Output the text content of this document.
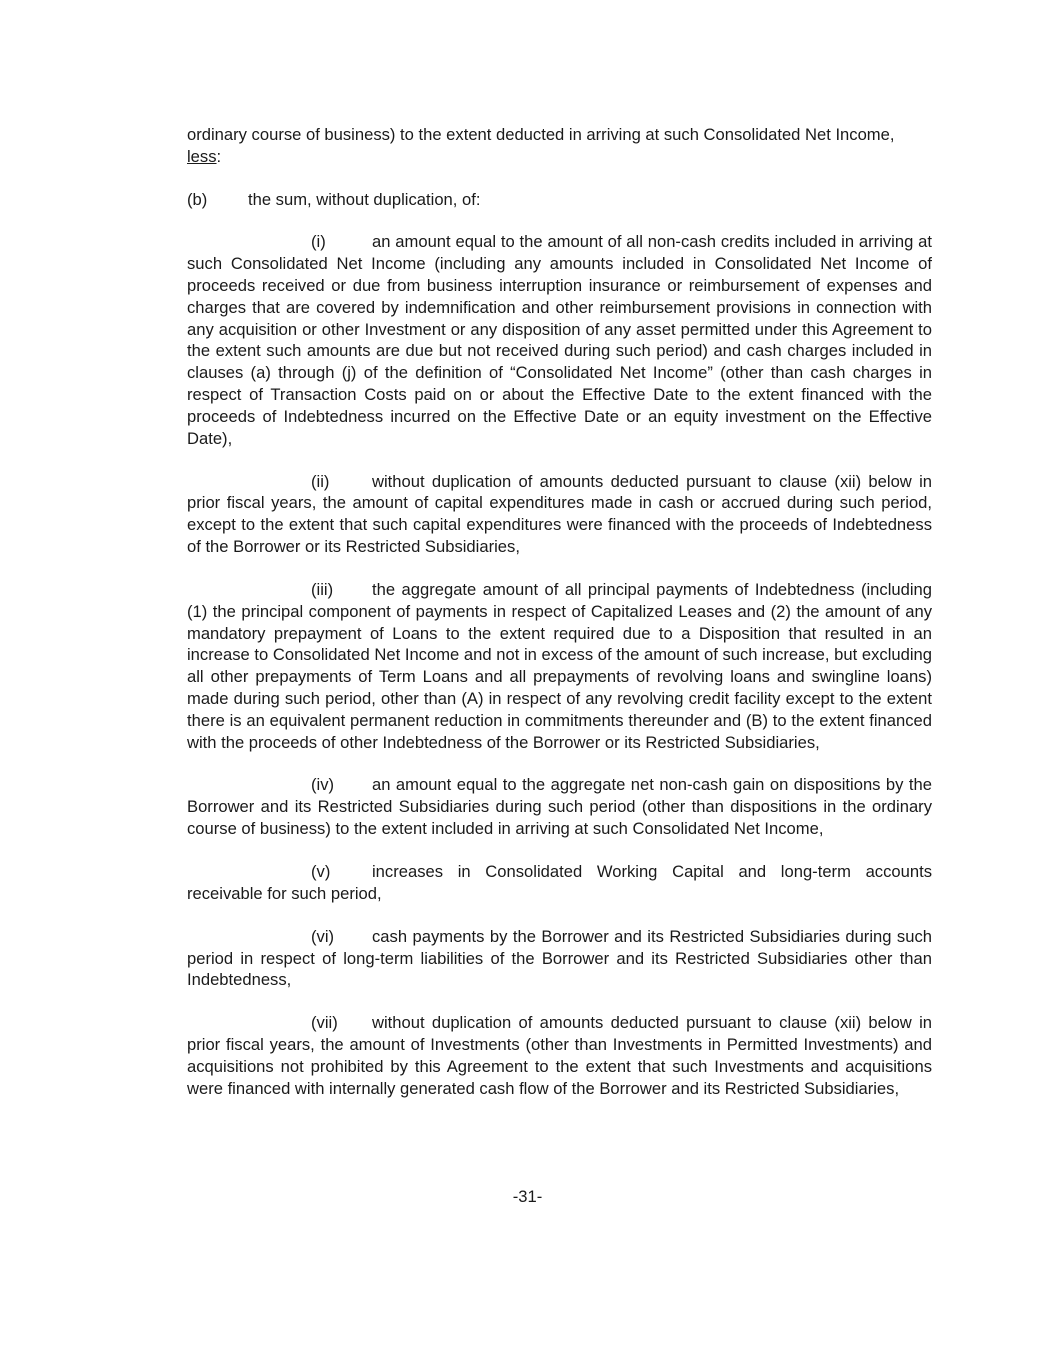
ordinary course of business) to the extent deducted in arriving at such Consolidated Net Income,
less:

(b)	the sum, without duplication, of:

(i)	an amount equal to the amount of all non-cash credits included in arriving at such Consolidated Net Income (including any amounts included in Consolidated Net Income of proceeds received or due from business interruption insurance or reimbursement of expenses and charges that are covered by indemnification and other reimbursement provisions in connection with any acquisition or other Investment or any disposition of any asset permitted under this Agreement to the extent such amounts are due but not received during such period) and cash charges included in clauses (a) through (j) of the definition of “Consolidated Net Income” (other than cash charges in respect of Transaction Costs paid on or about the Effective Date to the extent financed with the proceeds of Indebtedness incurred on the Effective Date or an equity investment on the Effective Date),

(ii)	without duplication of amounts deducted pursuant to clause (xii) below in prior fiscal years, the amount of capital expenditures made in cash or accrued during such period, except to the extent that such capital expenditures were financed with the proceeds of Indebtedness of the Borrower or its Restricted Subsidiaries,

(iii) the aggregate amount of all principal payments of Indebtedness (including (1) the principal component of payments in respect of Capitalized Leases and (2) the amount of any mandatory prepayment of Loans to the extent required due to a Disposition that resulted in an increase to Consolidated Net Income and not in excess of the amount of such increase, but excluding all other prepayments of Term Loans and all prepayments of revolving loans and swingline loans) made during such period, other than (A) in respect of any revolving credit facility except to the extent there is an equivalent permanent reduction in commitments thereunder and (B) to the extent financed with the proceeds of other Indebtedness of the Borrower or its Restricted Subsidiaries,

(iv) an amount equal to the aggregate net non-cash gain on dispositions by the Borrower and its Restricted Subsidiaries during such period (other than dispositions in the ordinary course of business) to the extent included in arriving at such Consolidated Net Income,

(v)	increases in Consolidated Working Capital and long-term accounts receivable for such period,

(vi) cash payments by the Borrower and its Restricted Subsidiaries during such period in respect of long-term liabilities of the Borrower and its Restricted Subsidiaries other than Indebtedness,

(vii) without duplication of amounts deducted pursuant to clause (xii) below in prior fiscal years, the amount of Investments (other than Investments in Permitted Investments) and acquisitions not prohibited by this Agreement to the extent that such Investments and acquisitions were financed with internally generated cash flow of the Borrower and its Restricted Subsidiaries,

-31-
